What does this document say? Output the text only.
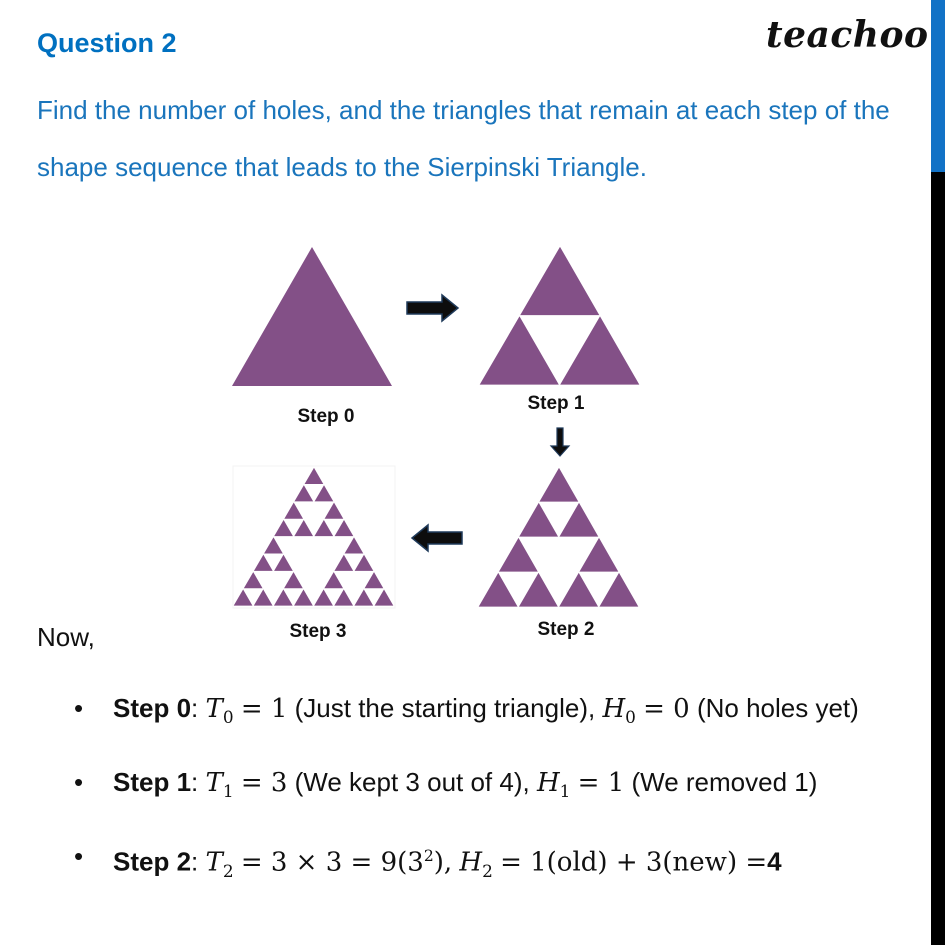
Question 2	teachoo
Find the number of holes, and the triangles that remain at each step of the shape sequence that leads to the Sierpinski Triangle.
Step 0
Step 1
Step 2
Step 3
Now,
• Step 0: $T_0 = 1$ (Just the starting triangle), $H_0 = 0$ (No holes yet)
• Step 1: $T_1 = 3$ (We kept 3 out of 4), $H_1 = 1$ (We removed 1)
• Step 2: $T_2 = 3 \times 3 = 9(3^2)$, $H_2 = 1(old) + 3(new) =4$
